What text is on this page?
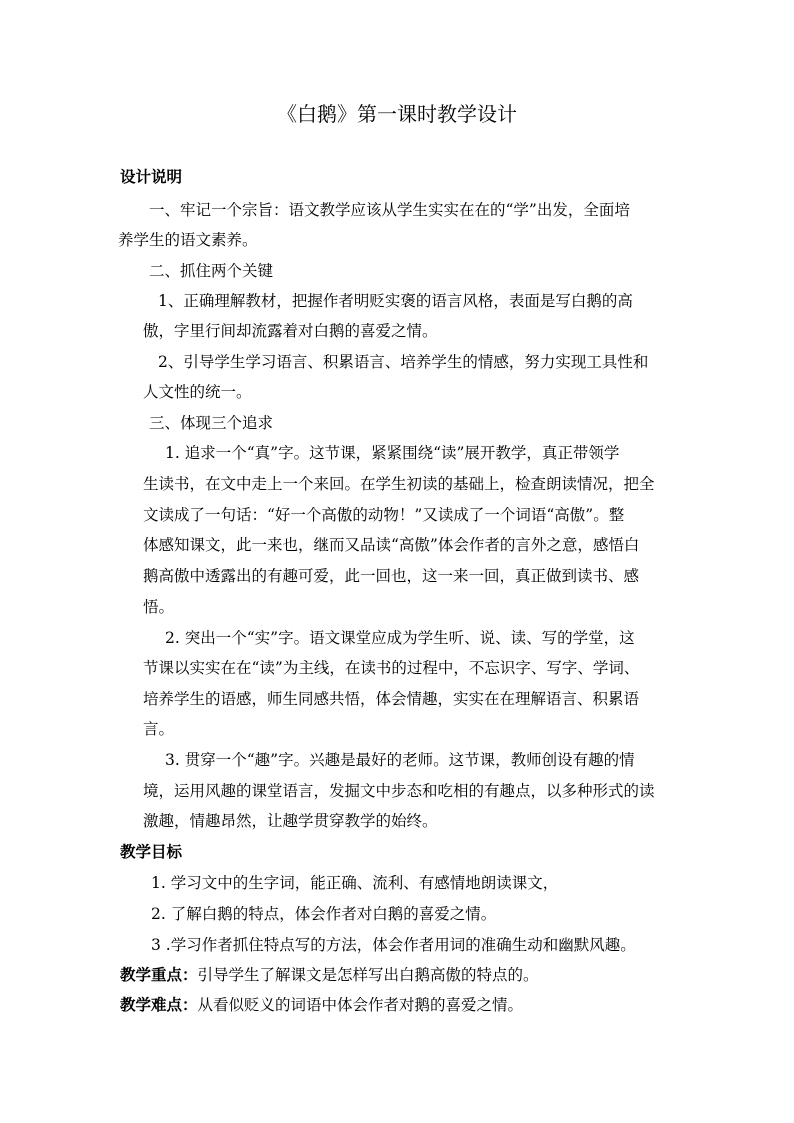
《白鹅》第一课时教学设计
设计说明
一、牢记一个宗旨：语文教学应该从学生实实在在的“学”出发，全面培
养学生的语文素养。
二、抓住两个关键
1、正确理解教材，把握作者明贬实褒的语言风格，表面是写白鹅的高
傲，字里行间却流露着对白鹅的喜爱之情。
2、引导学生学习语言、积累语言、培养学生的情感，努力实现工具性和
人文性的统一。
三、体现三个追求
1. 追求一个“真”字。这节课，紧紧围绕“读”展开教学，真正带领学
生读书，在文中走上一个来回。在学生初读的基础上，检查朗读情况，把全
文读成了一句话：“好一个高傲的动物！”又读成了一个词语“高傲”。整
体感知课文，此一来也，继而又品读“高傲”体会作者的言外之意，感悟白
鹅高傲中透露出的有趣可爱，此一回也，这一来一回，真正做到读书、感
悟。
2. 突出一个“实”字。语文课堂应成为学生听、说、读、写的学堂，这
节课以实实在在“读”为主线，在读书的过程中，不忘识字、写字、学词、
培养学生的语感，师生同感共悟，体会情趣，实实在在理解语言、积累语
言。
3. 贯穿一个“趣”字。兴趣是最好的老师。这节课，教师创设有趣的情
境，运用风趣的课堂语言，发掘文中步态和吃相的有趣点，以多种形式的读
激趣，情趣昂然，让趣学贯穿教学的始终。
教学目标
1. 学习文中的生字词，能正确、流利、有感情地朗读课文，
2. 了解白鹅的特点，体会作者对白鹅的喜爱之情。
3 .学习作者抓住特点写的方法，体会作者用词的准确生动和幽默风趣。
教学重点：引导学生了解课文是怎样写出白鹅高傲的特点的。
教学难点：从看似贬义的词语中体会作者对鹅的喜爱之情。
